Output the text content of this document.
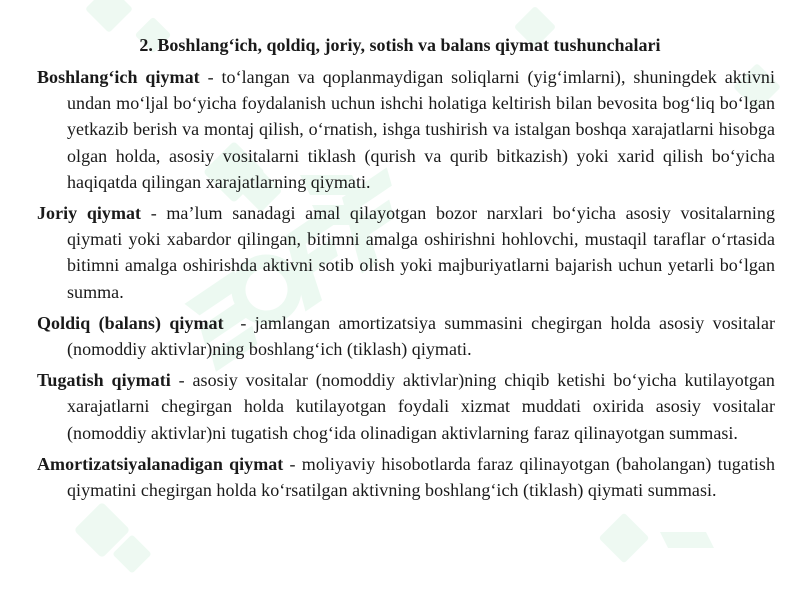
2. Boshlang‘ich, qoldiq, joriy, sotish va balans qiymat tushunchalari
Boshlang‘ich qiymat - to‘langan va qoplanmaydigan soliqlarni (yig‘imlarni), shuningdek aktivni undan mo‘ljal bo‘yicha foydalanish uchun ishchi holatiga keltirish bilan bevosita bog‘liq bo‘lgan yetkazib berish va montaj qilish, o‘rnatish, ishga tushirish va istalgan boshqa xarajatlarni hisobga olgan holda, asosiy vositalarni tiklash (qurish va qurib bitkazish) yoki xarid qilish bo‘yicha haqiqatda qilingan xarajatlarning qiymati.
Joriy qiymat - ma’lum sanadagi amal qilayotgan bozor narxlari bo‘yicha asosiy vositalarning qiymati yoki xabardor qilingan, bitimni amalga oshirishni hohlovchi, mustaqil taraflar o‘rtasida bitimni amalga oshirishda aktivni sotib olish yoki majburiyatlarni bajarish uchun yetarli bo‘lgan summa.
Qoldiq (balans) qiymat  - jamlangan amortizatsiya summasini chegirgan holda asosiy vositalar (nomoddiy aktivlar)ning boshlang‘ich (tiklash) qiymati.
Tugatish qiymati - asosiy vositalar (nomoddiy aktivlar)ning chiqib ketishi bo‘yicha kutilayotgan xarajatlarni chegirgan holda kutilayotgan foydali xizmat muddati oxirida asosiy vositalar (nomoddiy aktivlar)ni tugatish chog‘ida olinadigan aktivlarning faraz qilinayotgan summasi.
Amortizatsiyalanadigan qiymat - moliyaviy hisobotlarda faraz qilinayotgan (baholangan) tugatish qiymatini chegirgan holda ko‘rsatilgan aktivning boshlang‘ich (tiklash) qiymati summasi.
